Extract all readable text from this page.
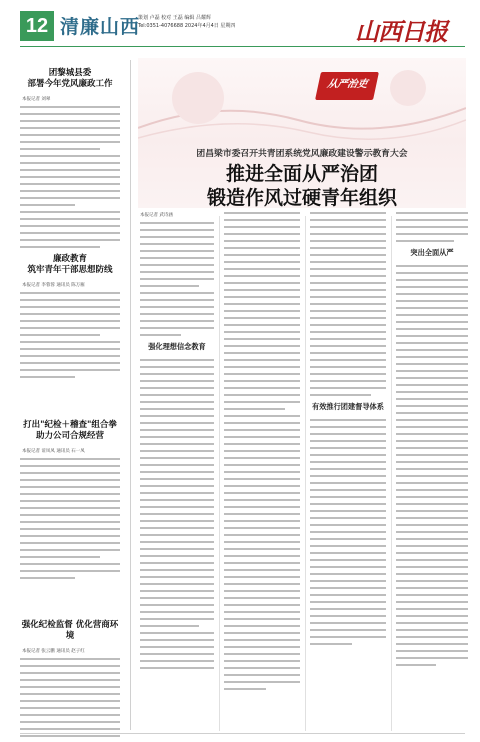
12 清廉山西
策划 卢磊 校对 王磊 编辑 吕耀辉
Tel:0351-4076688 2024年4月4日 星期四	山西日报
团黎城县委
部署今年党风廉政工作
本报记者 刘翠
廉政教育
筑牢青年干部思想防线
本报记者 李蓉蓉 通讯员 陈万雁
打出"纪检＋稽查"组合拳
助力公司合规经营
本报记者 谊凤凤 通讯员 石一凤
强化纪检监督 优化营商环境
本报记者 张云鹏 通讯员 赵子红
从严治吏
团昌梁市委召开共青团系统党风廉政建设警示教育大会
推进全面从严治团
锻造作风过硬青年组织
本报记者 武诗涵
强化理想信念教育
有效推行团建督导体系
突出全面从严
